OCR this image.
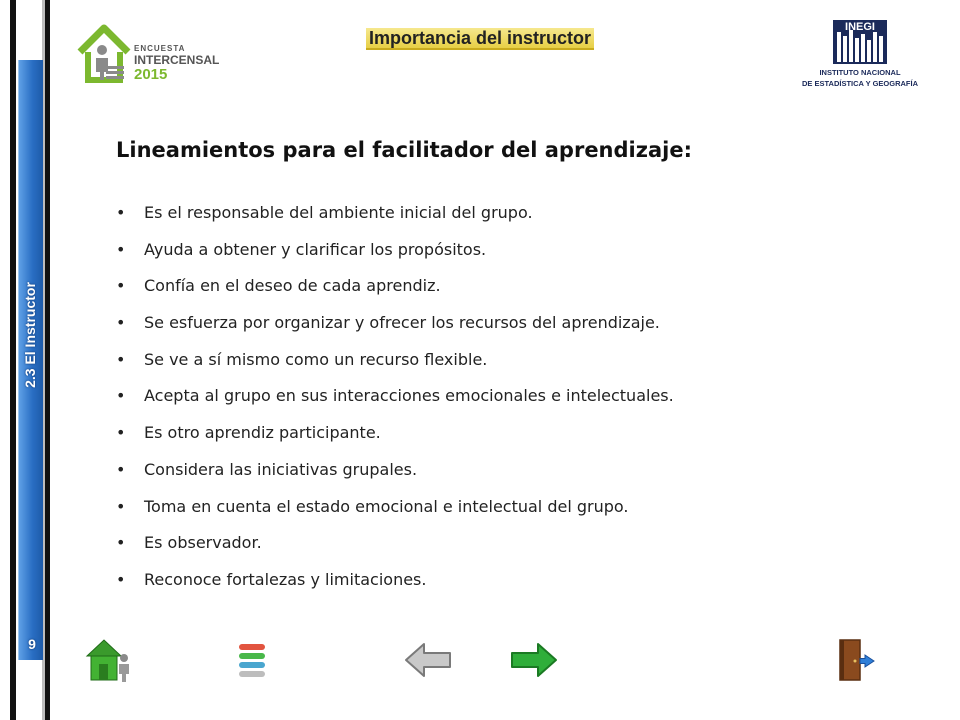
2.3 El Instructor
9
Importancia del instructor
ENCUESTA
INTERCENSAL
2015
INEGI
INSTITUTO NACIONAL
DE ESTADÍSTICA Y GEOGRAFÍA
Lineamientos para el facilitador del aprendizaje:
• Es el responsable del ambiente inicial del grupo.
• Ayuda a obtener y clarificar los propósitos.
• Confía en el deseo de cada aprendiz.
• Se esfuerza por organizar y ofrecer los recursos del aprendizaje.
• Se ve a sí mismo como un recurso flexible.
• Acepta al grupo en sus interacciones emocionales e intelectuales.
• Es otro aprendiz participante.
• Considera las iniciativas grupales.
• Toma en cuenta el estado emocional e intelectual del grupo.
• Es observador.
• Reconoce fortalezas y limitaciones.
